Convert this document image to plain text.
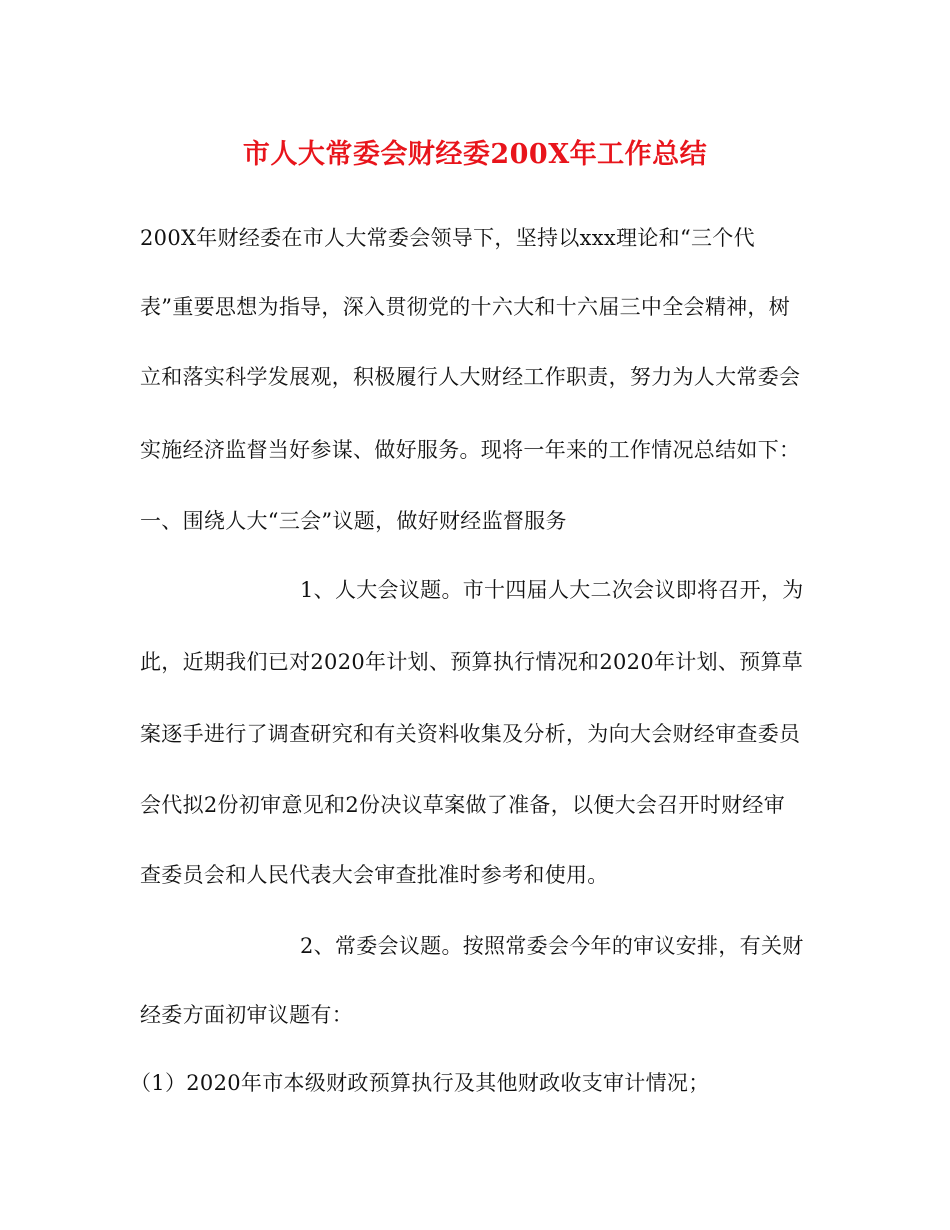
市人大常委会财经委200X年工作总结
200X年财经委在市人大常委会领导下，坚持以xxx理论和“三个代
表”重要思想为指导，深入贯彻党的十六大和十六届三中全会精神，树
立和落实科学发展观，积极履行人大财经工作职责，努力为人大常委会
实施经济监督当好参谋、做好服务。现将一年来的工作情况总结如下：
一、围绕人大“三会”议题，做好财经监督服务
1、人大会议题。市十四届人大二次会议即将召开，为
此，近期我们已对2020年计划、预算执行情况和2020年计划、预算草
案逐手进行了调查研究和有关资料收集及分析，为向大会财经审查委员
会代拟2份初审意见和2份决议草案做了准备，以便大会召开时财经审
查委员会和人民代表大会审查批准时参考和使用。
2、常委会议题。按照常委会今年的审议安排，有关财
经委方面初审议题有：
（1）2020年市本级财政预算执行及其他财政收支审计情况；
